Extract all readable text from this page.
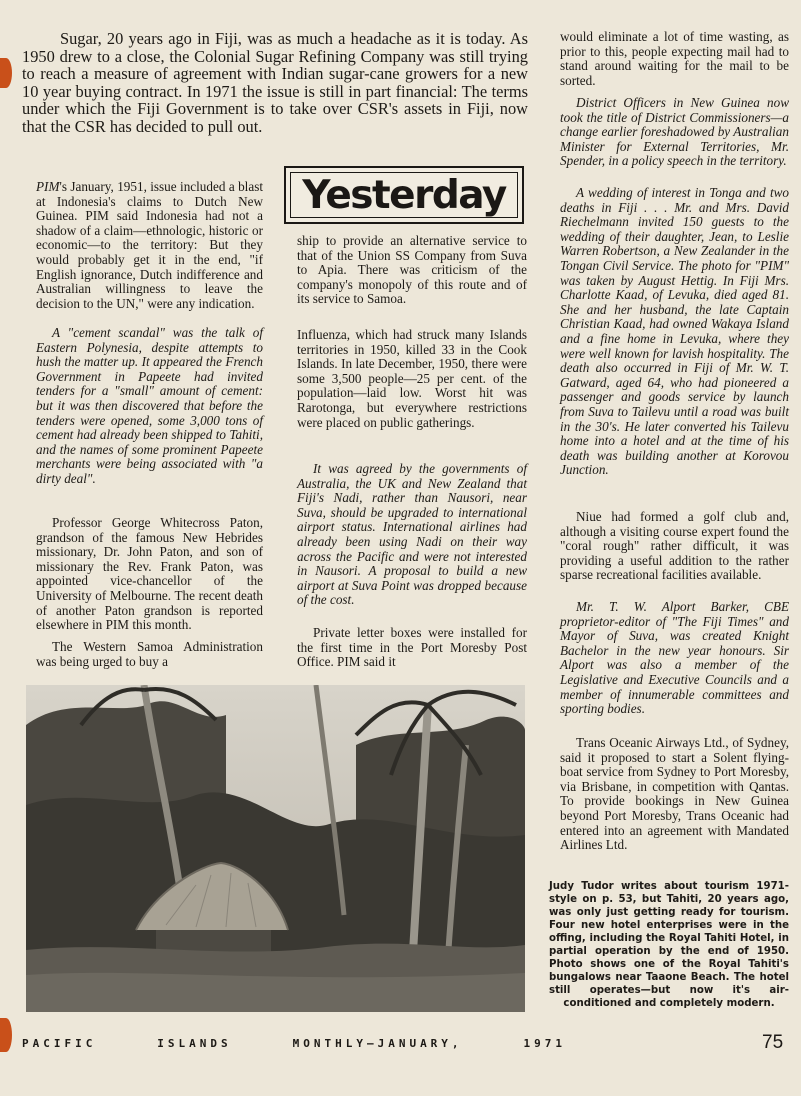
Sugar, 20 years ago in Fiji, was as much a headache as it is today. As 1950 drew to a close, the Colonial Sugar Refining Company was still trying to reach a measure of agreement with Indian sugar-cane growers for a new 10 year buying contract. In 1971 the issue is still in part financial: The terms under which the Fiji Government is to take over CSR's assets in Fiji, now that the CSR has decided to pull out.

Yesterday

PIM's January, 1951, issue included a blast at Indonesia's claims to Dutch New Guinea. PIM said Indonesia had not a shadow of a claim—ethnologic, historic or economic—to the territory: But they would probably get it in the end, "if English ignorance, Dutch indifference and Australian willingness to leave the decision to the UN," were any indication.

A "cement scandal" was the talk of Eastern Polynesia, despite attempts to hush the matter up. It appeared the French Government in Papeete had invited tenders for a "small" amount of cement: but it was then discovered that before the tenders were opened, some 3,000 tons of cement had already been shipped to Tahiti, and the names of some prominent Papeete merchants were being associated with "a dirty deal".

Professor George Whitecross Paton, grandson of the famous New Hebrides missionary, Dr. John Paton, and son of missionary the Rev. Frank Paton, was appointed vice-chancellor of the University of Melbourne. The recent death of another Paton grandson is reported elsewhere in PIM this month.

The Western Samoa Administration was being urged to buy a

ship to provide an alternative service to that of the Union SS Company from Suva to Apia. There was criticism of the company's monopoly of this route and of its service to Samoa.

Influenza, which had struck many Islands territories in 1950, killed 33 in the Cook Islands. In late December, 1950, there were some 3,500 people—25 per cent. of the population—laid low. Worst hit was Rarotonga, but everywhere restrictions were placed on public gatherings.

It was agreed by the governments of Australia, the UK and New Zealand that Fiji's Nadi, rather than Nausori, near Suva, should be upgraded to international airport status. International airlines had already been using Nadi on their way across the Pacific and were not interested in Nausori. A proposal to build a new airport at Suva Point was dropped because of the cost.

Private letter boxes were installed for the first time in the Port Moresby Post Office. PIM said it

would eliminate a lot of time wasting, as prior to this, people expecting mail had to stand around waiting for the mail to be sorted.

District Officers in New Guinea now took the title of District Commissioners—a change earlier foreshadowed by Australian Minister for External Territories, Mr. Spender, in a policy speech in the territory.

A wedding of interest in Tonga and two deaths in Fiji . . . Mr. and Mrs. David Riechelmann invited 150 guests to the wedding of their daughter, Jean, to Leslie Warren Robertson, a New Zealander in the Tongan Civil Service. The photo for "PIM" was taken by August Hettig. In Fiji Mrs. Charlotte Kaad, of Levuka, died aged 81. She and her husband, the late Captain Christian Kaad, had owned Wakaya Island and a fine home in Levuka, where they were well known for lavish hospitality. The death also occurred in Fiji of Mr. W. T. Gatward, aged 64, who had pioneered a passenger and goods service by launch from Suva to Tailevu until a road was built in the 30's. He later converted his Tailevu home into a hotel and at the time of his death was building another at Korovou Junction.

Niue had formed a golf club and, although a visiting course expert found the "coral rough" rather difficult, it was providing a useful addition to the rather sparse recreational facilities available.

Mr. T. W. Alport Barker, CBE proprietor-editor of "The Fiji Times" and Mayor of Suva, was created Knight Bachelor in the new year honours. Sir Alport was also a member of the Legislative and Executive Councils and a member of innumerable committees and sporting bodies.

Trans Oceanic Airways Ltd., of Sydney, said it proposed to start a Solent flying-boat service from Sydney to Port Moresby, via Brisbane, in competition with Qantas. To provide bookings in New Guinea beyond Port Moresby, Trans Oceanic had entered into an agreement with Mandated Airlines Ltd.

Judy Tudor writes about tourism 1971-style on p. 53, but Tahiti, 20 years ago, was only just getting ready for tourism. Four new hotel enterprises were in the offing, including the Royal Tahiti Hotel, in partial operation by the end of 1950. Photo shows one of the Royal Tahiti's bungalows near Taaone Beach. The hotel still operates—but now it's air-conditioned and completely modern.

PACIFIC	ISLANDS	MONTHLY—JANUARY,	1971	75
